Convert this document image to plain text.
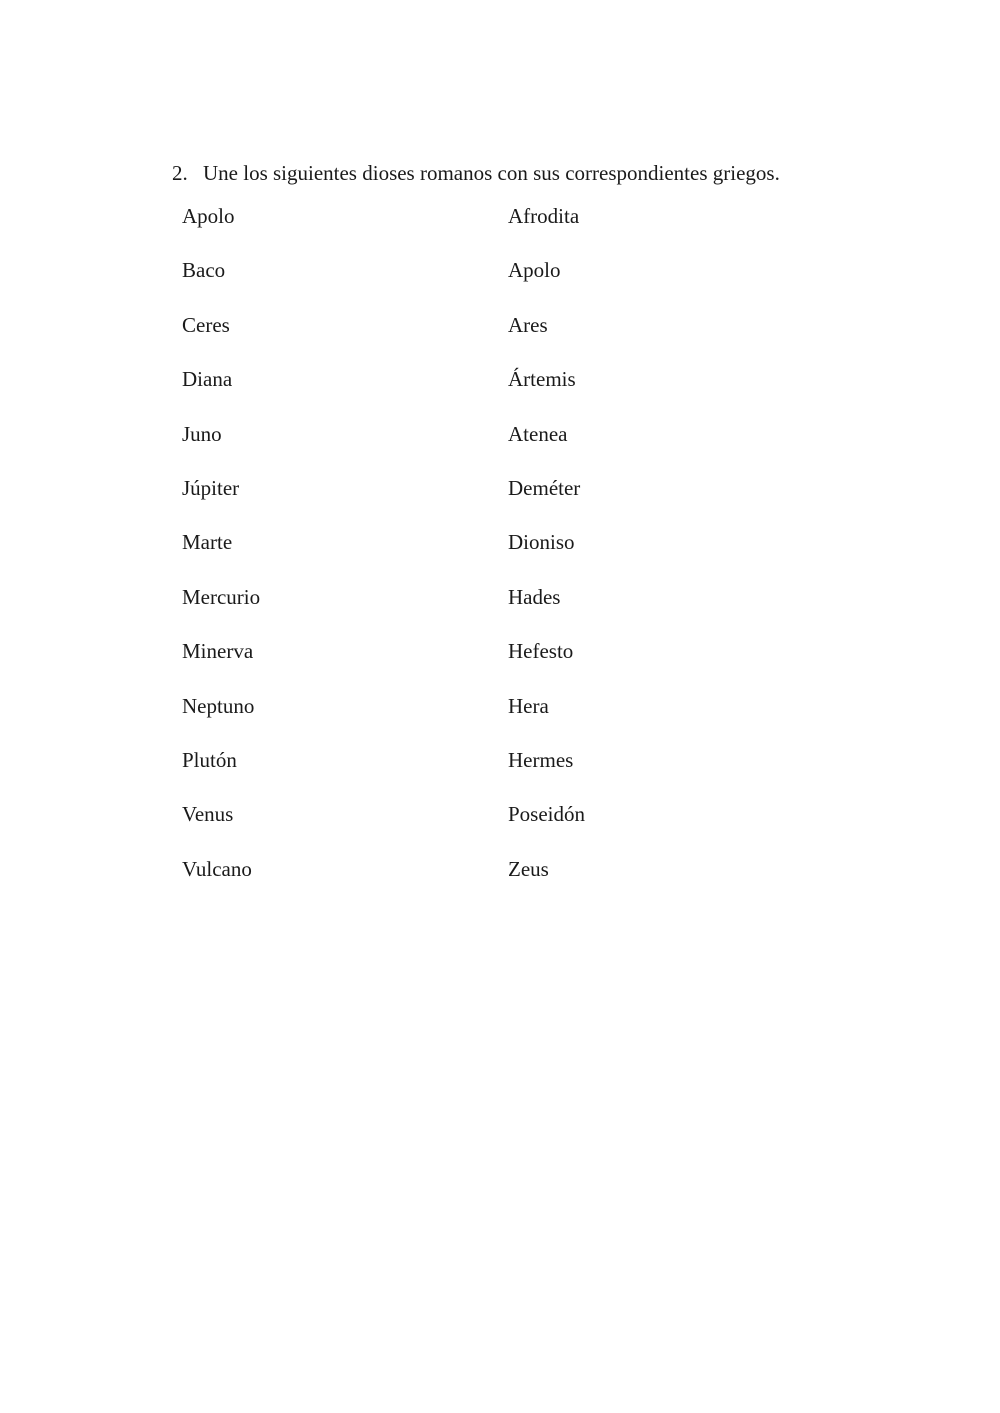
2. Une los siguientes dioses romanos con sus correspondientes griegos.
Apolo
Baco
Ceres
Diana
Juno
Júpiter
Marte
Mercurio
Minerva
Neptuno
Plutón
Venus
Vulcano
Afrodita
Apolo
Ares
Ártemis
Atenea
Deméter
Dioniso
Hades
Hefesto
Hera
Hermes
Poseidón
Zeus
